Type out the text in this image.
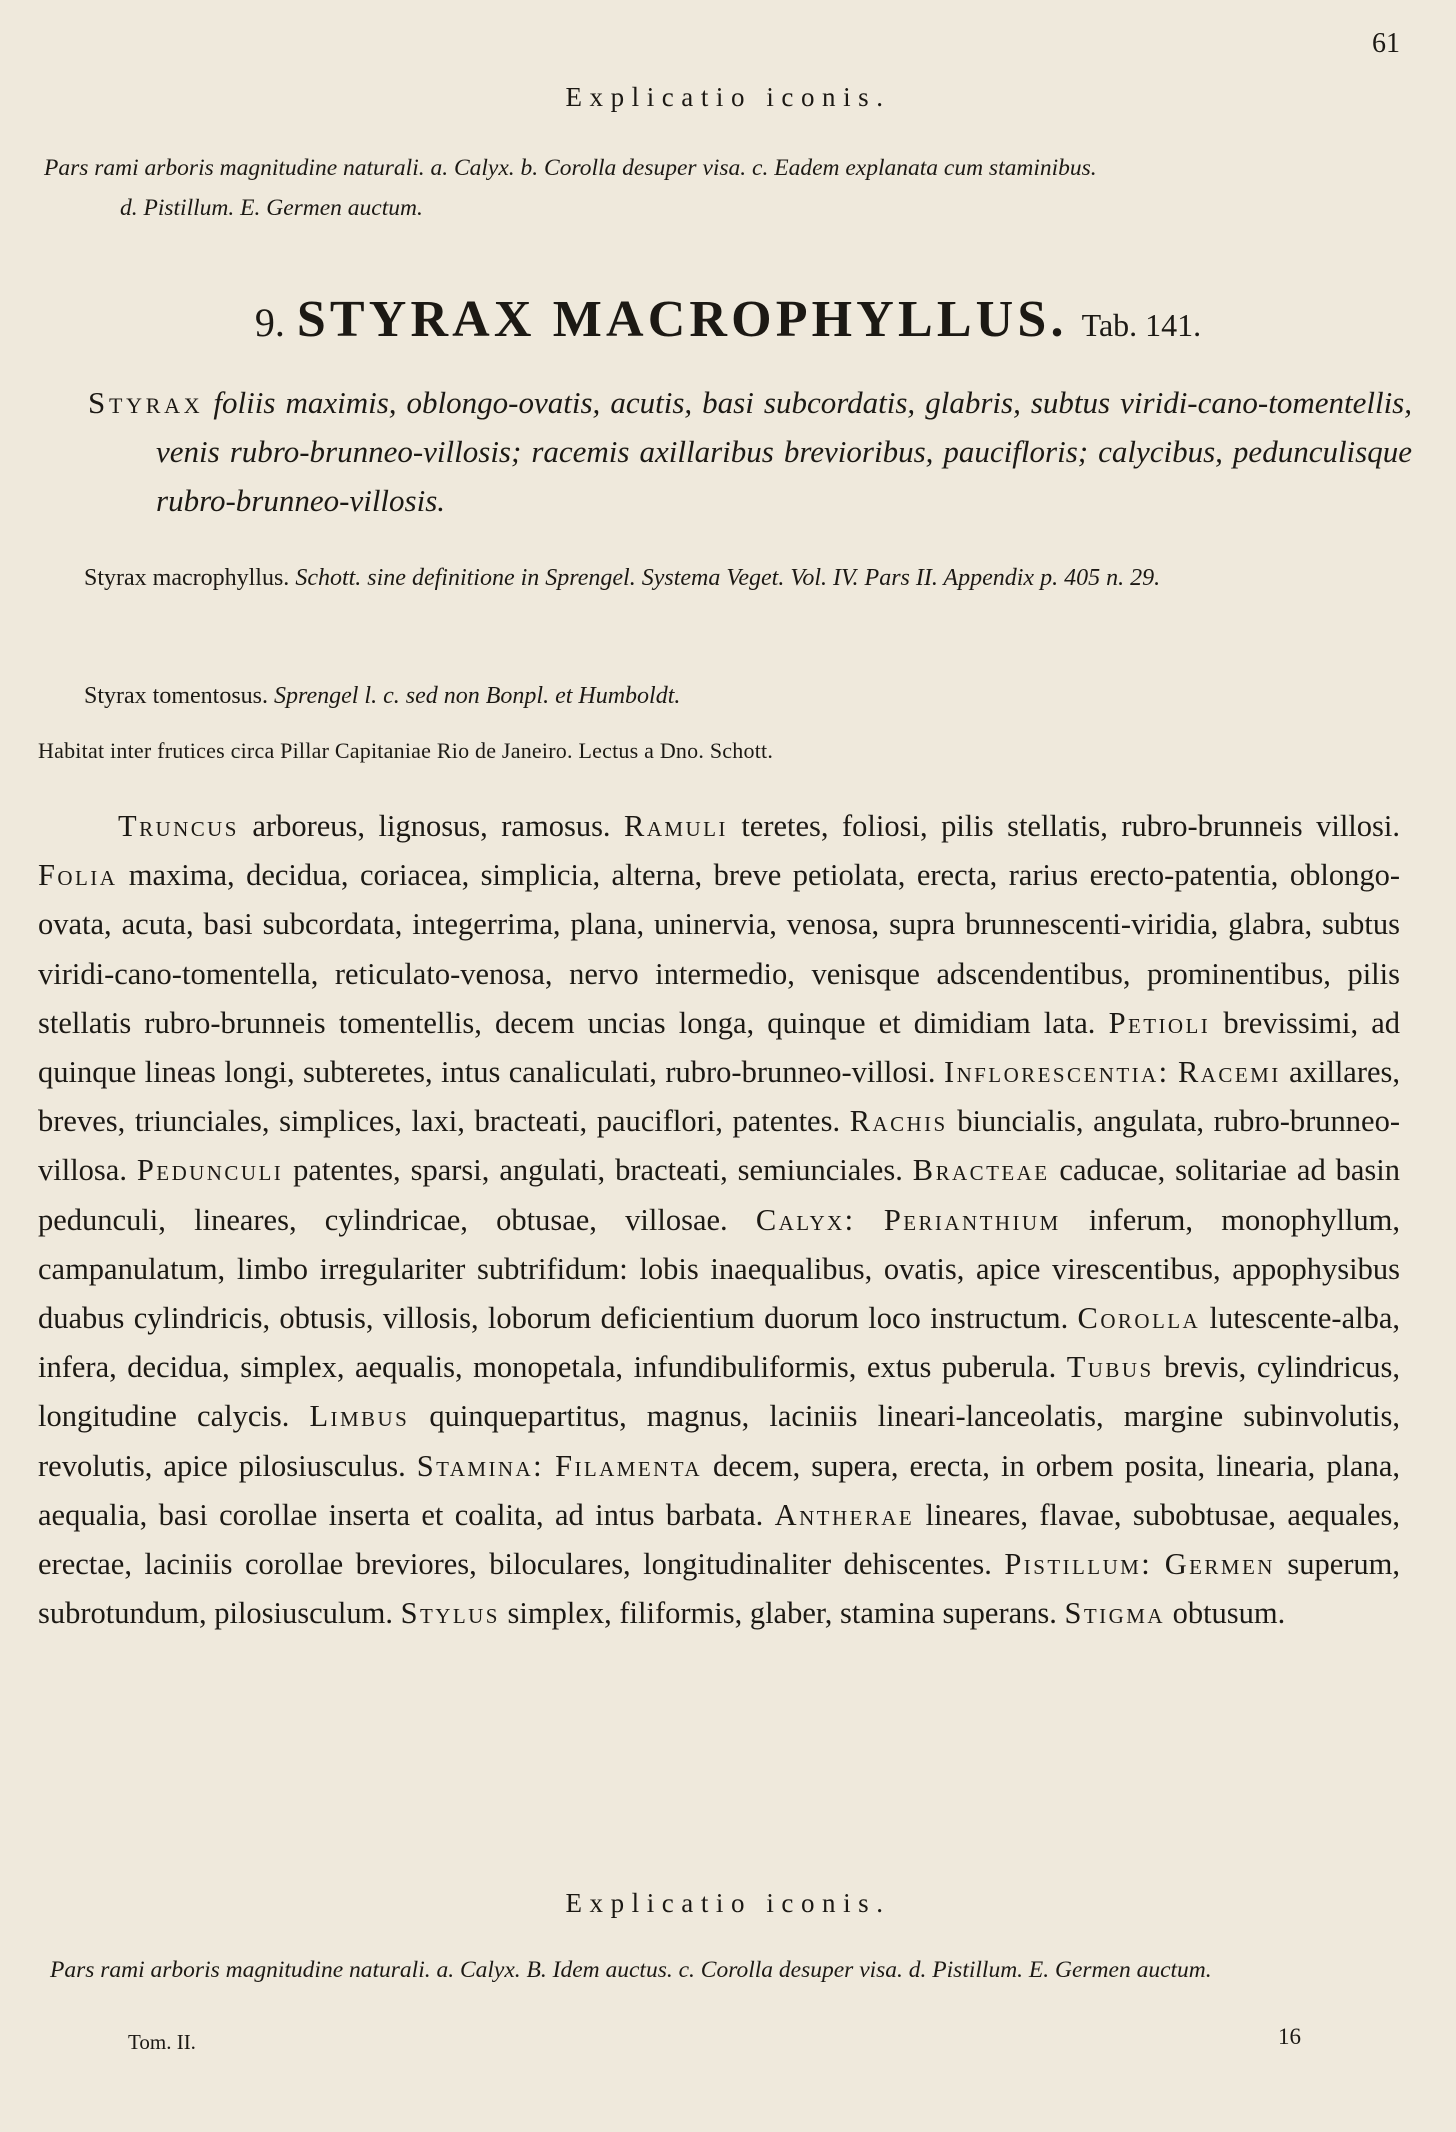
61
Explicatio iconis.

Pars rami arboris magnitudine naturali. a. Calyx. b. Corolla desuper visa. c. Eadem explanata cum staminibus.

d. Pistillum. E. Germen auctum.

9. STYRAX MACROPHYLLUS. Tab. 141.

Styrax foliis maximis, oblongo-ovatis, acutis, basi subcordatis, glabris, subtus viridi-cano-tomentellis, venis rubro-brunneo-villosis; racemis axillaribus brevioribus, paucifloris; calycibus, pedunculisque rubro-brunneo-villosis.

Styrax macrophyllus. Schott. sine definitione in Sprengel. Systema Veget. Vol. IV. Pars II. Appendix p. 405 n. 29.

Styrax tomentosus. Sprengel l. c. sed non Bonpl. et Humboldt.

Habitat inter frutices circa Pillar Capitaniae Rio de Janeiro. Lectus a Dno. Schott.

Truncus arboreus, lignosus, ramosus. Ramuli teretes, foliosi, pilis stellatis, rubro-brunneis villosi. Folia maxima, decidua, coriacea, simplicia, alterna, breve petiolata, erecta, rarius erecto-patentia, oblongo-ovata, acuta, basi subcordata, integerrima, plana, uninervia, venosa, supra brunnescenti-viridia, glabra, subtus viridi-cano-tomentella, reticulato-venosa, nervo intermedio, venisque adscendentibus, prominentibus, pilis stellatis rubro-brunneis tomentellis, decem uncias longa, quinque et dimidiam lata. Petioli brevissimi, ad quinque lineas longi, subteretes, intus canaliculati, rubro-brunneo-villosi. Inflorescentia: Racemi axillares, breves, triunciales, simplices, laxi, bracteati, pauciflori, patentes. Rachis biuncialis, angulata, rubro-brunneo-villosa. Pedunculi patentes, sparsi, angulati, bracteati, semiunciales. Bracteae caducae, solitariae ad basin pedunculi, lineares, cylindricae, obtusae, villosae. Calyx: Perianthium inferum, monophyllum, campanulatum, limbo irregulariter subtrifidum: lobis inaequalibus, ovatis, apice virescentibus, appophysibus duabus cylindricis, obtusis, villosis, loborum deficientium duorum loco instructum. Corolla lutescente-alba, infera, decidua, simplex, aequalis, monopetala, infundibuliformis, extus puberula. Tubus brevis, cylindricus, longitudine calycis. Limbus quinquepartitus, magnus, laciniis lineari-lanceolatis, margine subinvolutis, revolutis, apice pilosiusculus. Stamina: Filamenta decem, supera, erecta, in orbem posita, linearia, plana, aequalia, basi corollae inserta et coalita, ad intus barbata. Antherae lineares, flavae, subobtusae, aequales, erectae, laciniis corollae breviores, biloculares, longitudinaliter dehiscentes. Pistillum: Germen superum, subrotundum, pilosiusculum. Stylus simplex, filiformis, glaber, stamina superans. Stigma obtusum.

Explicatio iconis.

Pars rami arboris magnitudine naturali. a. Calyx. B. Idem auctus. c. Corolla desuper visa. d. Pistillum. E. Germen auctum.

Tom. II.	16
